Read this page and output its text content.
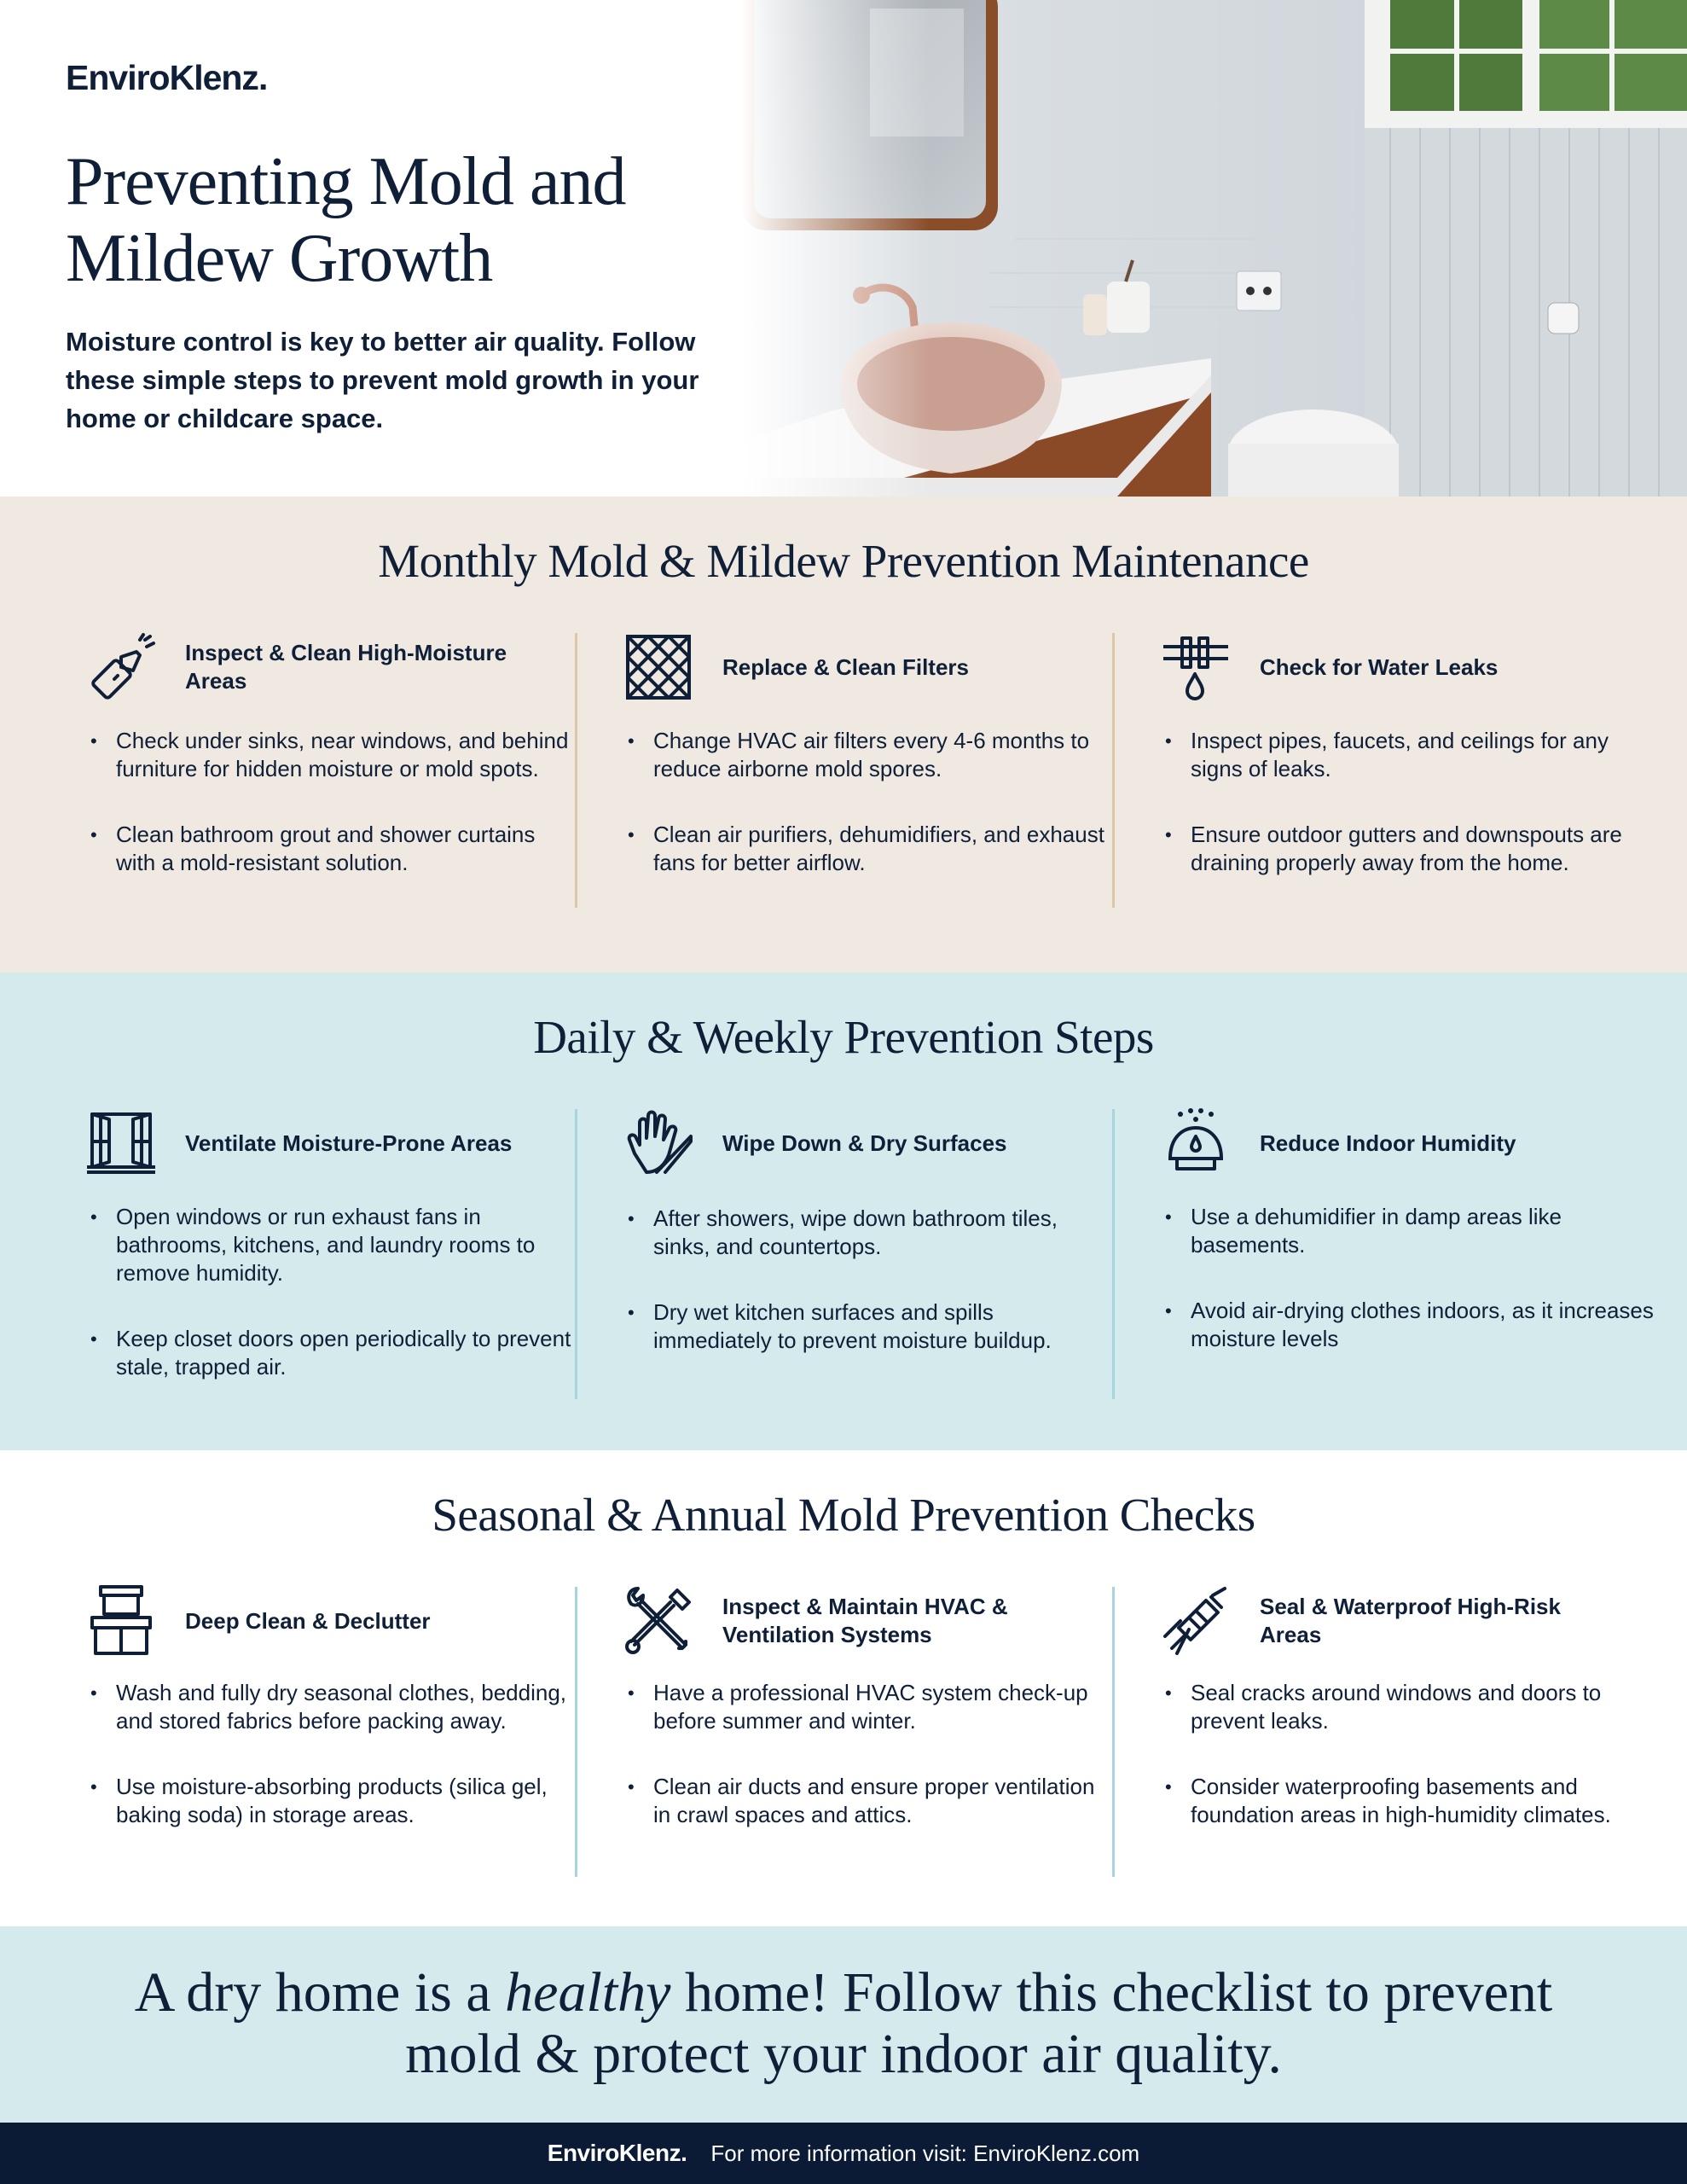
EnviroKlenz.
Preventing Mold and Mildew Growth

Moisture control is key to better air quality. Follow these simple steps to prevent mold growth in your home or childcare space.

Monthly Mold & Mildew Prevention Maintenance
Inspect & Clean High-Moisture Areas
• Check under sinks, near windows, and behind furniture for hidden moisture or mold spots.
• Clean bathroom grout and shower curtains with a mold-resistant solution.
Replace & Clean Filters
• Change HVAC air filters every 4-6 months to reduce airborne mold spores.
• Clean air purifiers, dehumidifiers, and exhaust fans for better airflow.
Check for Water Leaks
• Inspect pipes, faucets, and ceilings for any signs of leaks.
• Ensure outdoor gutters and downspouts are draining properly away from the home.
Daily & Weekly Prevention Steps
Ventilate Moisture-Prone Areas
• Open windows or run exhaust fans in bathrooms, kitchens, and laundry rooms to remove humidity.
• Keep closet doors open periodically to prevent stale, trapped air.
Wipe Down & Dry Surfaces
• After showers, wipe down bathroom tiles, sinks, and countertops.
• Dry wet kitchen surfaces and spills immediately to prevent moisture buildup.
Reduce Indoor Humidity
• Use a dehumidifier in damp areas like basements.
• Avoid air-drying clothes indoors, as it increases moisture levels
Seasonal & Annual Mold Prevention Checks
Deep Clean & Declutter
• Wash and fully dry seasonal clothes, bedding, and stored fabrics before packing away.
• Use moisture-absorbing products (silica gel, baking soda) in storage areas.
Inspect & Maintain HVAC & Ventilation Systems
• Have a professional HVAC system check-up before summer and winter.
• Clean air ducts and ensure proper ventilation in crawl spaces and attics.
Seal & Waterproof High-Risk Areas
• Seal cracks around windows and doors to prevent leaks.
• Consider waterproofing basements and foundation areas in high-humidity climates.

A dry home is a healthy home! Follow this checklist to prevent mold & protect your indoor air quality.

EnviroKlenz. For more information visit: EnviroKlenz.com
